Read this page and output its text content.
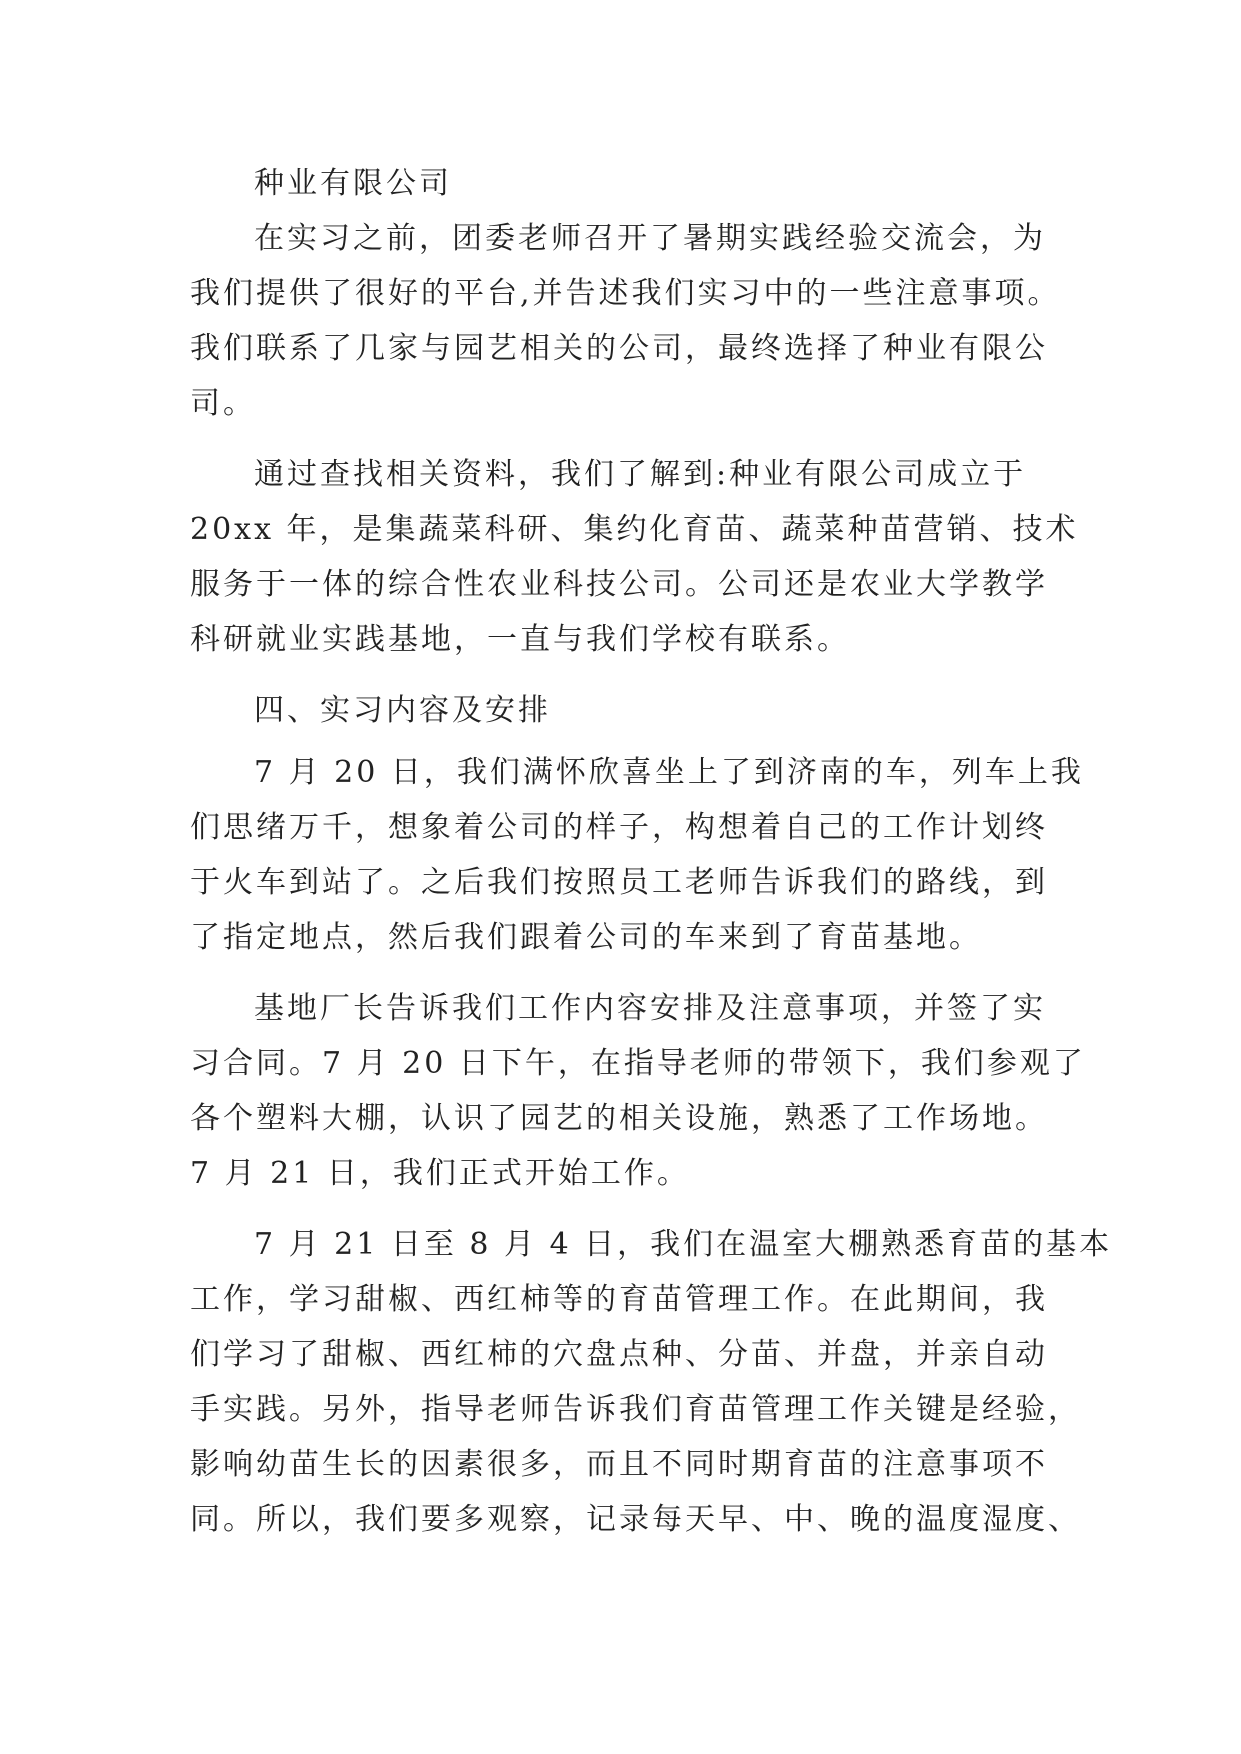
种业有限公司
在实习之前，团委老师召开了暑期实践经验交流会，为
我们提供了很好的平台,并告述我们实习中的一些注意事项。
我们联系了几家与园艺相关的公司，最终选择了种业有限公
司。
通过查找相关资料，我们了解到:种业有限公司成立于
20xx 年，是集蔬菜科研、集约化育苗、蔬菜种苗营销、技术
服务于一体的综合性农业科技公司。公司还是农业大学教学
科研就业实践基地，一直与我们学校有联系。
四、实习内容及安排
7 月 20 日，我们满怀欣喜坐上了到济南的车，列车上我
们思绪万千，想象着公司的样子，构想着自己的工作计划终
于火车到站了。之后我们按照员工老师告诉我们的路线，到
了指定地点，然后我们跟着公司的车来到了育苗基地。
基地厂长告诉我们工作内容安排及注意事项，并签了实
习合同。7 月 20 日下午，在指导老师的带领下，我们参观了
各个塑料大棚，认识了园艺的相关设施，熟悉了工作场地。
7 月 21 日，我们正式开始工作。
7 月 21 日至 8 月 4 日，我们在温室大棚熟悉育苗的基本
工作，学习甜椒、西红柿等的育苗管理工作。在此期间，我
们学习了甜椒、西红柿的穴盘点种、分苗、并盘，并亲自动
手实践。另外，指导老师告诉我们育苗管理工作关键是经验，
影响幼苗生长的因素很多，而且不同时期育苗的注意事项不
同。所以，我们要多观察，记录每天早、中、晚的温度湿度、
